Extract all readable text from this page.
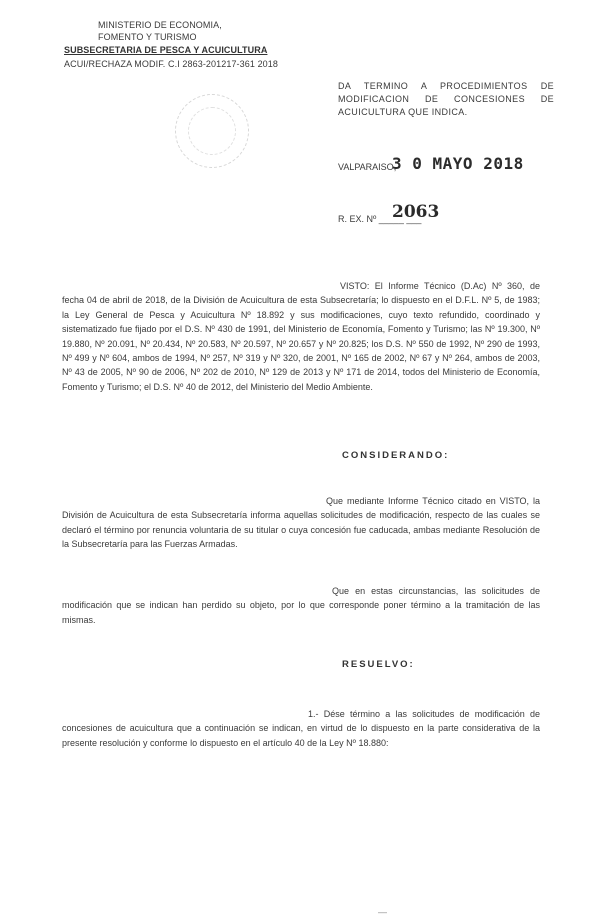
MINISTERIO DE ECONOMIA,
FOMENTO Y TURISMO
SUBSECRETARIA DE PESCA Y ACUICULTURA
ACUI/RECHAZA MODIF. C.I 2863-201217-361 2018
DA TERMINO A PROCEDIMIENTOS DE MODIFICACION DE CONCESIONES DE ACUICULTURA QUE INDICA.
VALPARAISO,
3 0 MAYO 2018
R. EX. Nº _____ ___
2063
VISTO: El Informe Técnico (D.Ac) Nº 360, de fecha 04 de abril de 2018, de la División de Acuicultura de esta Subsecretaría; lo dispuesto en el D.F.L. Nº 5, de 1983; la Ley General de Pesca y Acuicultura Nº 18.892 y sus modificaciones, cuyo texto refundido, coordinado y sistematizado fue fijado por el D.S. Nº 430 de 1991, del Ministerio de Economía, Fomento y Turismo; las Nº 19.300, Nº 19.880, Nº 20.091, Nº 20.434, Nº 20.583, Nº 20.597, Nº 20.657 y Nº 20.825; los D.S. Nº 550 de 1992, Nº 290 de 1993, Nº 499 y Nº 604, ambos de 1994, Nº 257, Nº 319 y Nº 320, de 2001, Nº 165 de 2002, Nº 67 y Nº 264, ambos de 2003, Nº 43 de 2005, Nº 90 de 2006, Nº 202 de 2010, Nº 129 de 2013 y Nº 171 de 2014, todos del Ministerio de Economía, Fomento y Turismo; el D.S. Nº 40 de 2012, del Ministerio del Medio Ambiente.
CONSIDERANDO:
Que mediante Informe Técnico citado en VISTO, la División de Acuicultura de esta Subsecretaría informa aquellas solicitudes de modificación, respecto de las cuales se declaró el término por renuncia voluntaria de su titular o cuya concesión fue caducada, ambas mediante Resolución de la Subsecretaría para las Fuerzas Armadas.
Que en estas circunstancias, las solicitudes de modificación que se indican han perdido su objeto, por lo que corresponde poner término a la tramitación de las mismas.
RESUELVO:
1.- Dése término a las solicitudes de modificación de concesiones de acuicultura que a continuación se indican, en virtud de lo dispuesto en la parte considerativa de la presente resolución y conforme lo dispuesto en el artículo 40 de la Ley Nº 18.880:
—
